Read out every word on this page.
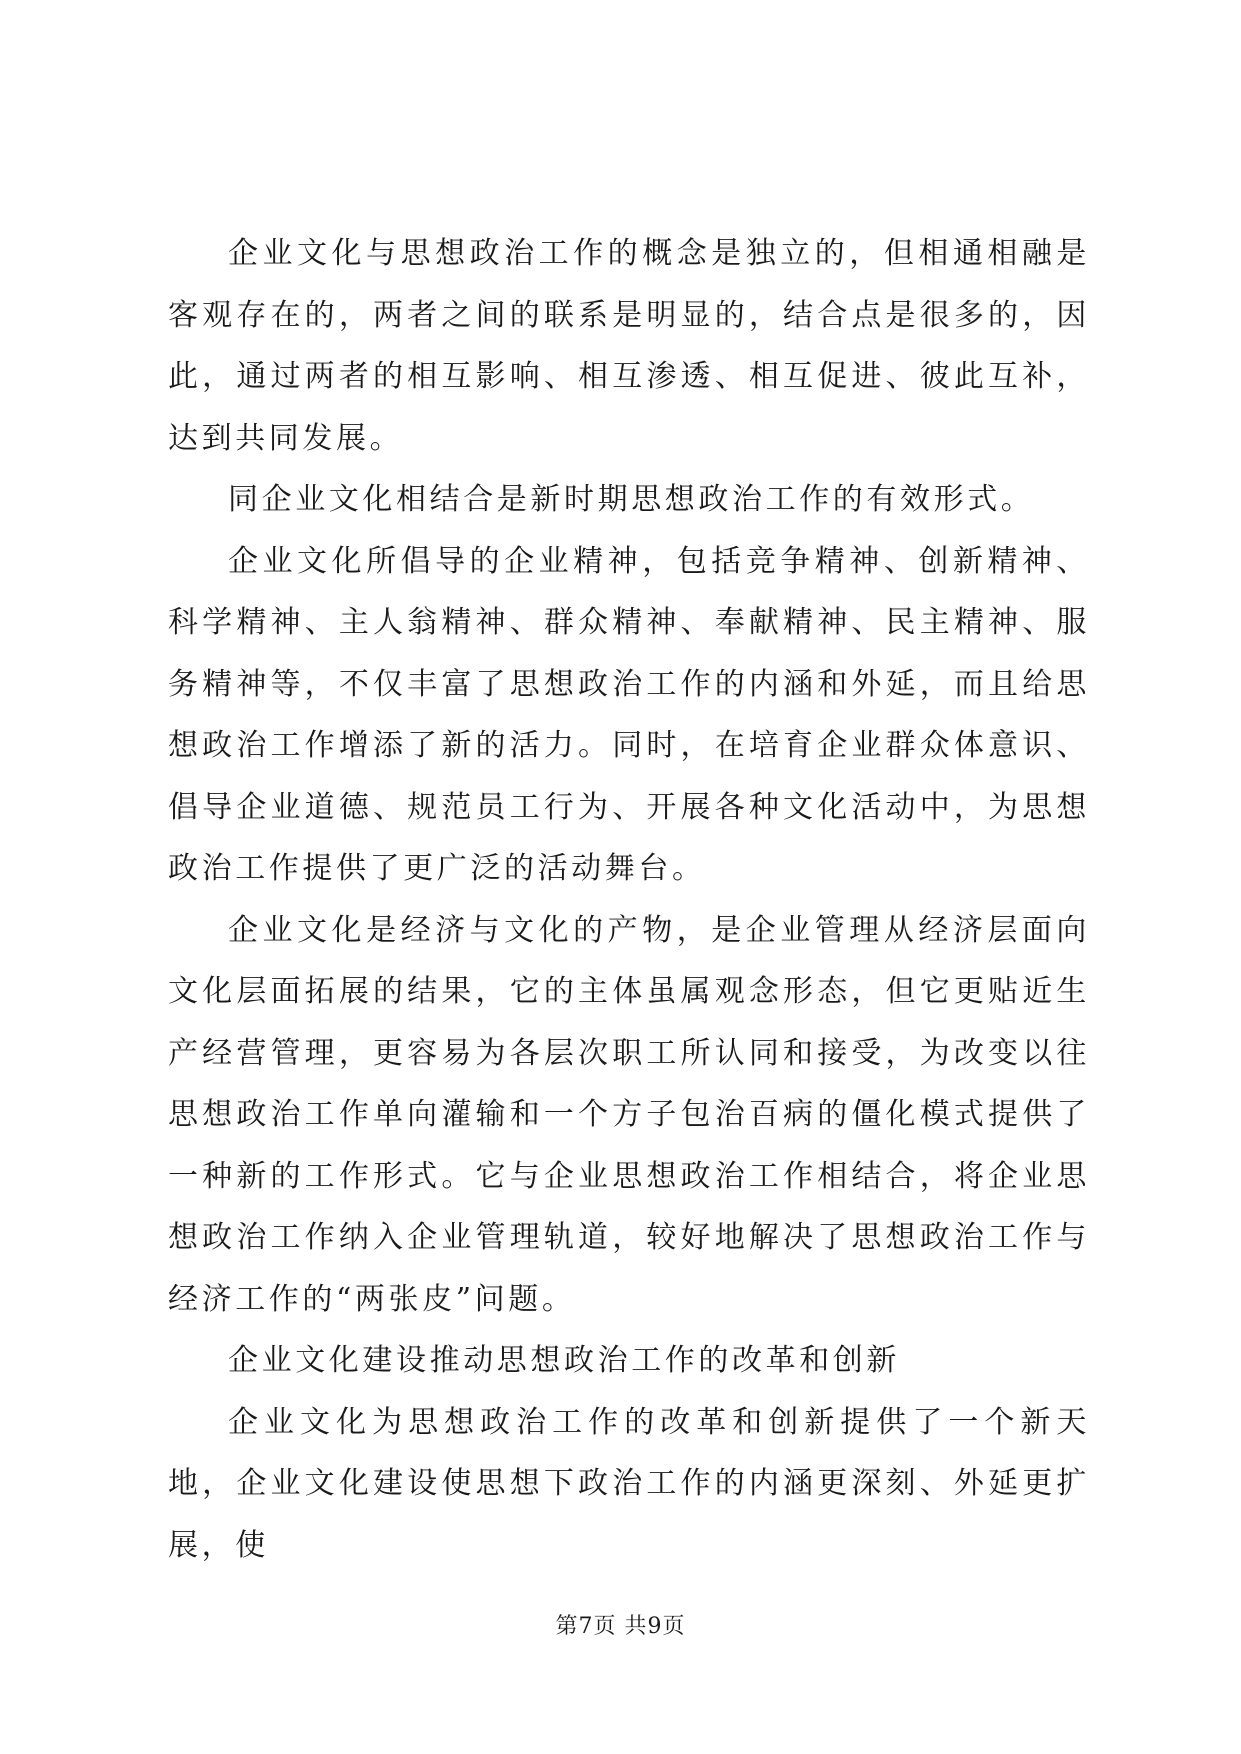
企业文化与思想政治工作的概念是独立的，但相通相融是客观存在的，两者之间的联系是明显的，结合点是很多的，因此，通过两者的相互影响、相互渗透、相互促进、彼此互补，达到共同发展。

同企业文化相结合是新时期思想政治工作的有效形式。

企业文化所倡导的企业精神，包括竞争精神、创新精神、科学精神、主人翁精神、群众精神、奉献精神、民主精神、服务精神等，不仅丰富了思想政治工作的内涵和外延，而且给思想政治工作增添了新的活力。同时，在培育企业群众体意识、倡导企业道德、规范员工行为、开展各种文化活动中，为思想政治工作提供了更广泛的活动舞台。

企业文化是经济与文化的产物，是企业管理从经济层面向文化层面拓展的结果，它的主体虽属观念形态，但它更贴近生产经营管理，更容易为各层次职工所认同和接受，为改变以往思想政治工作单向灌输和一个方子包治百病的僵化模式提供了一种新的工作形式。它与企业思想政治工作相结合，将企业思想政治工作纳入企业管理轨道，较好地解决了思想政治工作与经济工作的“两张皮”问题。

企业文化建设推动思想政治工作的改革和创新

企业文化为思想政治工作的改革和创新提供了一个新天地，企业文化建设使思想下政治工作的内涵更深刻、外延更扩展，使

第7页 共9页
